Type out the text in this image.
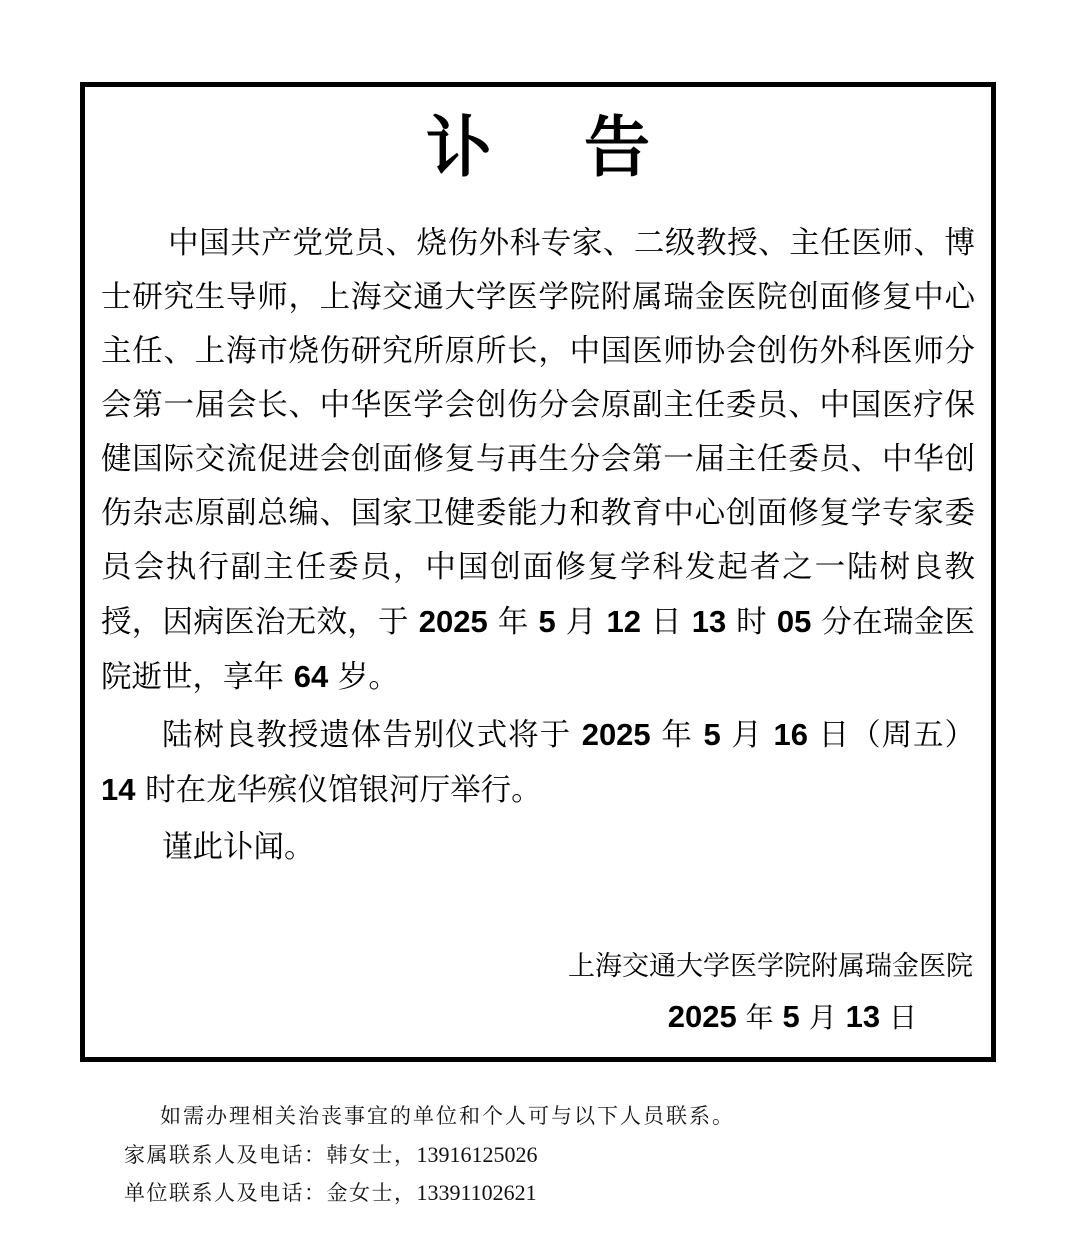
讣 告

中国共产党党员、烧伤外科专家、二级教授、主任医师、博士研究生导师，上海交通大学医学院附属瑞金医院创面修复中心主任、上海市烧伤研究所原所长，中国医师协会创伤外科医师分会第一届会长、中华医学会创伤分会原副主任委员、中国医疗保健国际交流促进会创面修复与再生分会第一届主任委员、中华创伤杂志原副总编、国家卫健委能力和教育中心创面修复学专家委员会执行副主任委员，中国创面修复学科发起者之一陆树良教授，因病医治无效，于 2025 年 5 月 12 日 13 时 05 分在瑞金医院逝世，享年 64 岁。

陆树良教授遗体告别仪式将于 2025 年 5 月 16 日（周五）14 时在龙华殡仪馆银河厅举行。

谨此讣闻。

上海交通大学医学院附属瑞金医院
2025 年 5 月 13 日
如需办理相关治丧事宜的单位和个人可与以下人员联系。
家属联系人及电话：韩女士，13916125026
单位联系人及电话：金女士，13391102621
